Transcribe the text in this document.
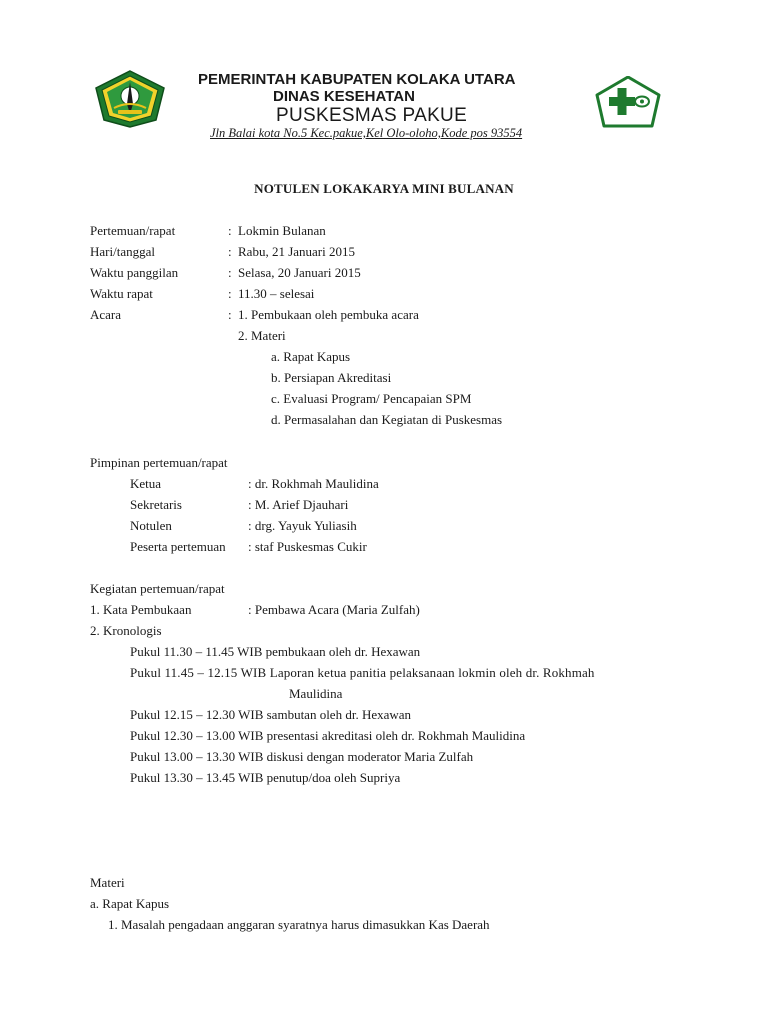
PEMERINTAH KABUPATEN KOLAKA UTARA
DINAS KESEHATAN
PUSKESMAS PAKUE
Jln Balai kota No.5 Kec.pakue,Kel Olo-oloho,Kode pos 93554
NOTULEN LOKAKARYA MINI BULANAN
Pertemuan/rapat	: Lokmin Bulanan
Hari/tanggal	: Rabu, 21 Januari 2015
Waktu panggilan	: Selasa, 20 Januari 2015
Waktu rapat	: 11.30 – selesai
Acara	: 1. Pembukaan oleh pembuka acara
2. Materi
a. Rapat Kapus
b. Persiapan Akreditasi
c. Evaluasi Program/ Pencapaian SPM
d. Permasalahan dan Kegiatan di Puskesmas
Pimpinan pertemuan/rapat
Ketua	: dr. Rokhmah Maulidina
Sekretaris	: M. Arief Djauhari
Notulen	: drg. Yayuk Yuliasih
Peserta pertemuan : staf Puskesmas Cukir
Kegiatan pertemuan/rapat
1. Kata Pembukaan	: Pembawa Acara (Maria Zulfah)
2. Kronologis
Pukul 11.30 – 11.45 WIB pembukaan oleh dr. Hexawan
Pukul 11.45 – 12.15 WIB Laporan ketua panitia pelaksanaan lokmin oleh dr. Rokhmah
Maulidina
Pukul 12.15 – 12.30 WIB sambutan oleh dr. Hexawan
Pukul 12.30 – 13.00 WIB presentasi akreditasi oleh dr. Rokhmah Maulidina
Pukul 13.00 – 13.30 WIB diskusi dengan moderator Maria Zulfah
Pukul 13.30 – 13.45 WIB penutup/doa oleh Supriya
Materi
a. Rapat Kapus
1. Masalah pengadaan anggaran syaratnya harus dimasukkan Kas Daerah
